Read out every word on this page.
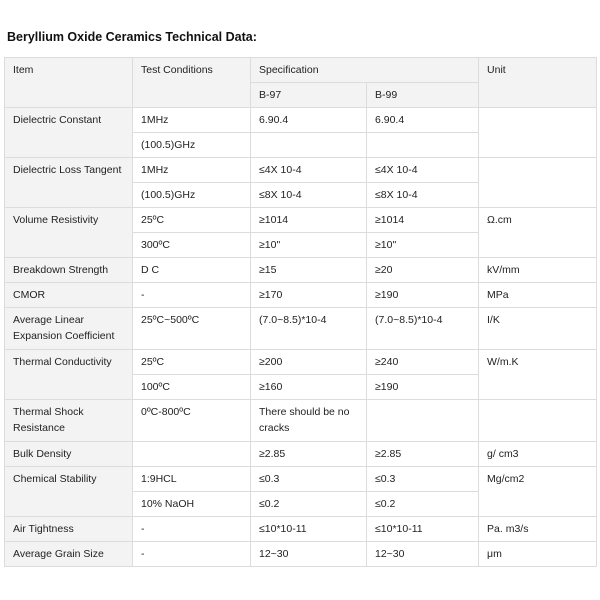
Beryllium Oxide Ceramics Technical Data:
Item	Test Conditions	Specification		Unit
		B-97	B-99	
Dielectric Constant	1MHz	6.90.4	6.90.4	
	(100.5)GHz			
Dielectric Loss Tangent	1MHz	≤4X 10-4	≤4X 10-4	
	(100.5)GHz	≤8X 10-4	≤8X 10-4	
Volume Resistivity	25ºC	≥1014	≥1014	Ω.cm
	300ºC	≥10"	≥10"	
Breakdown Strength	D C	≥15	≥20	kV/mm
CMOR	-	≥170	≥190	MPa
Average Linear Expansion Coefficient	25ºC~500ºC	(7.0~8.5)*10-4	(7.0~8.5)*10-4	I/K
Thermal Conductivity	25ºC	≥200	≥240	W/m.K
	100ºC	≥160	≥190	
Thermal Shock Resistance	0ºC-800ºC	There should be no cracks		
Bulk Density		≥2.85	≥2.85	g/ cm3
Chemical Stability	1:9HCL	≤0.3	≤0.3	Mg/cm2
	10% NaOH	≤0.2	≤0.2	
Air Tightness	-	≤10*10-11	≤10*10-11	Pa. m3/s
Average Grain Size	-	12~30	12~30	μm
